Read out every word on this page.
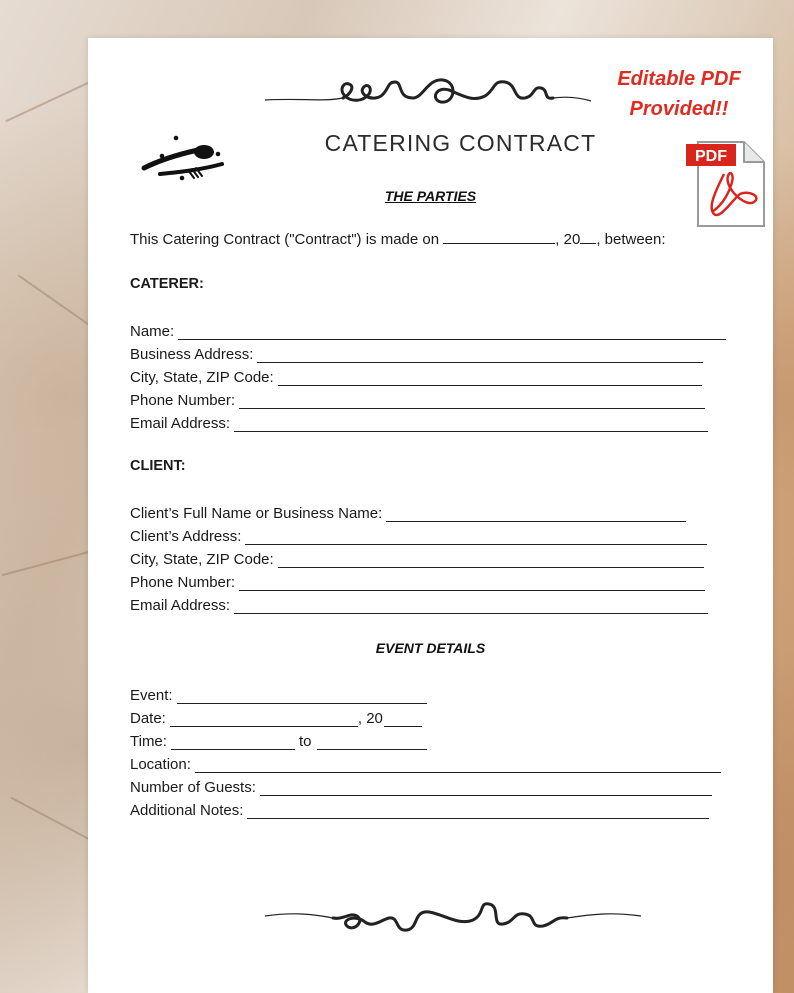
CATERING CONTRACT
Editable PDF
Provided!!
PDF
THE PARTIES
This Catering Contract ("Contract") is made on	, 20 , between:
CATERER:
Name:
Business Address:
City, State, ZIP Code:
Phone Number:
Email Address:
CLIENT:
Client’s Full Name or Business Name:
Client’s Address:
City, State, ZIP Code:
Phone Number:
Email Address:
EVENT DETAILS
Event:
Date:	, 20
Time:	to
Location:
Number of Guests:
Additional Notes:
